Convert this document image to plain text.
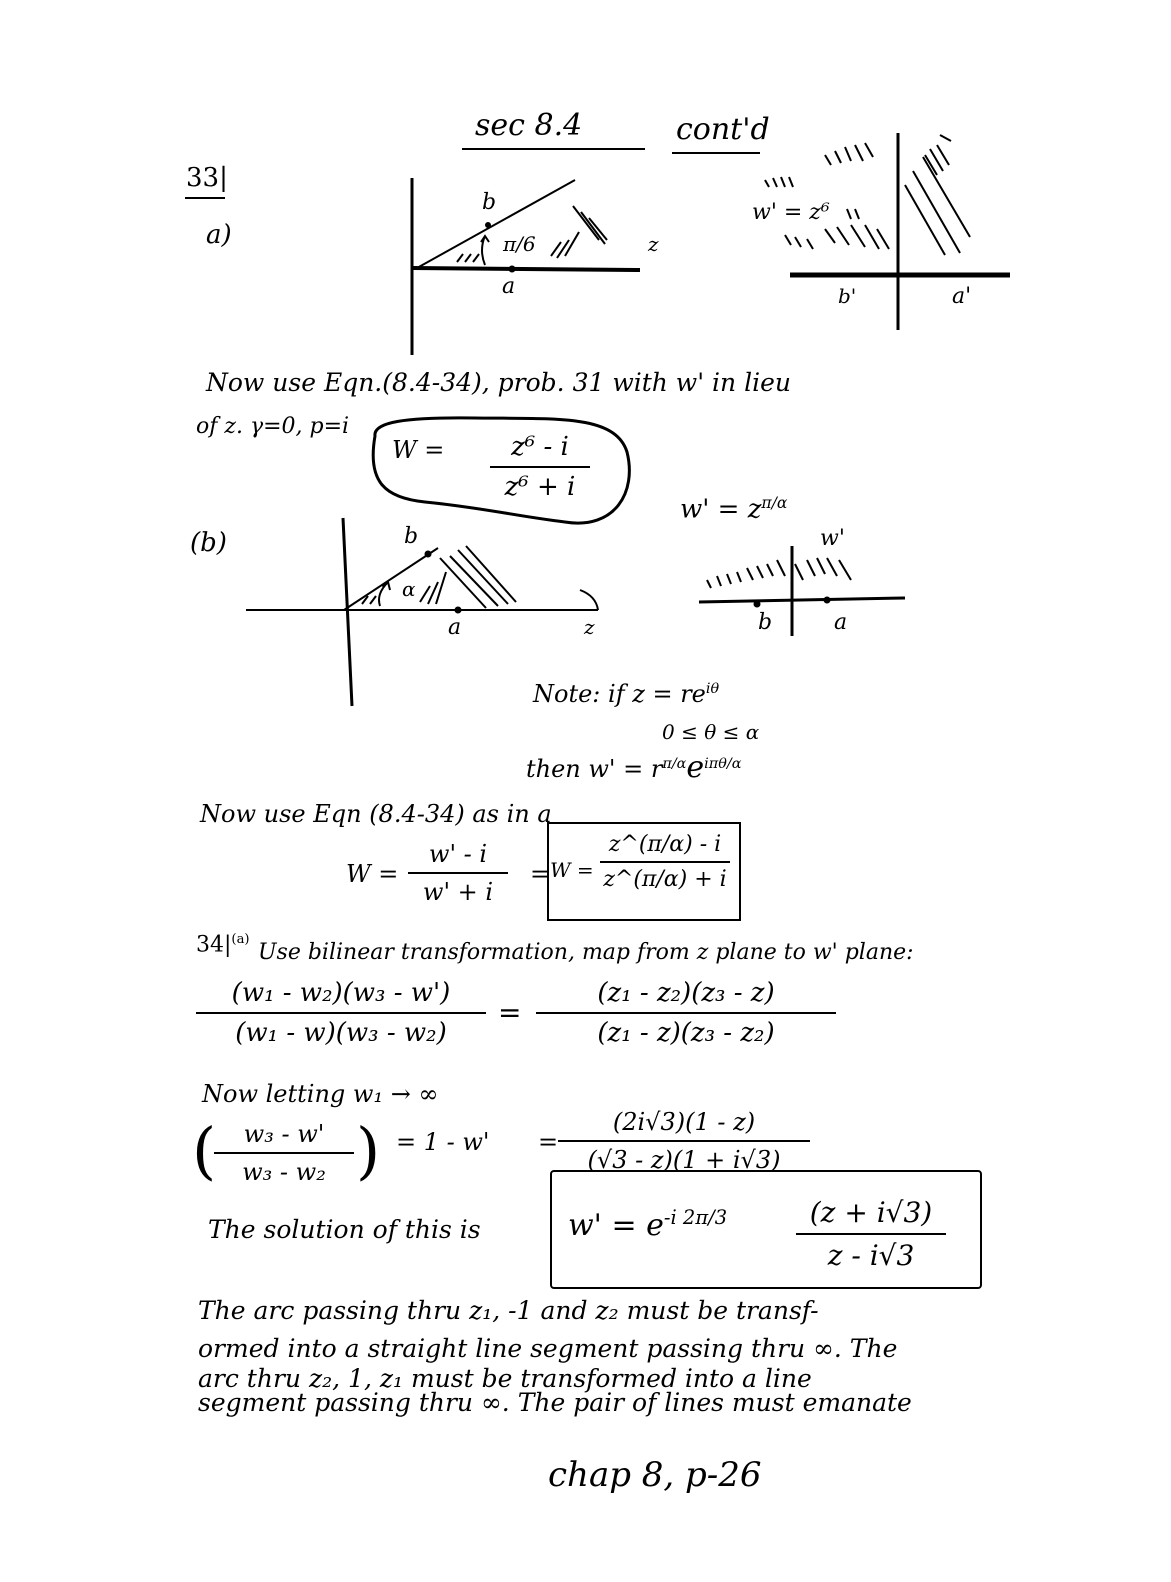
sec 8.4	cont'd
33|
a)
b
π/6	z
a
w' = z⁶
b'	a'
Now use Eqn.(8.4-34), prob. 31 with w' in lieu
of z. γ=0, p=i
W =	z⁶ - i
z⁶ + i
(b)
$w' = z^{\pi/\alpha}$
b
α
a	z
w'
b	a
Note: if $z = re^{i\theta}$
0 ≤ θ ≤ α
then $w' = r^{\pi/\alpha}e^{i\pi\theta/\alpha}$
Now use Eqn (8.4-34) as in a
W =
w' - i
w' + i
= W =
z^(π/α) - i
z^(π/α) + i
$34|^{(a)}$
Use bilinear transformation, map from z plane to w' plane:
(w₁ - w₂)(w₃ - w')
(w₁ - w)(w₃ - w₂)
=
(z₁ - z₂)(z₃ - z)
(z₁ - z)(z₃ - z₂)
Now letting w₁ → ∞
( w₃ - w'
w₃ - w₂ ) = 1 - w' =
(2i√3)(1 - z)
(√3 - z)(1 + i√3)
The solution of this is	$w' = e^{-i 2\pi/3}$	(z + i√3)
z - i√3
The arc passing thru z₁, -1 and z₂ must be transf-
ormed into a straight line segment passing thru ∞. The
arc thru z₂, 1, z₁ must be transformed into a line
segment passing thru ∞. The pair of lines must emanate
chap 8, p-26
